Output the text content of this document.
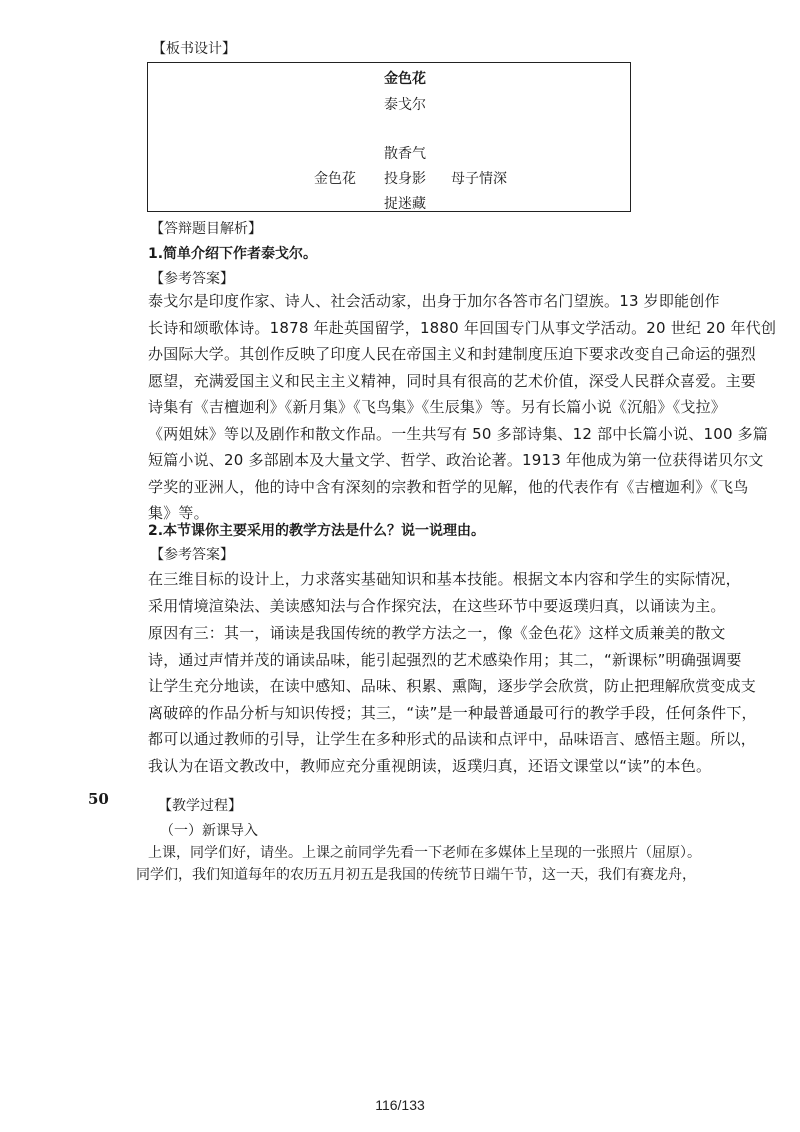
【板书设计】
金色花
泰戈尔
散香气
金色花 投身影 母子情深
捉迷藏
【答辩题目解析】
1.简单介绍下作者泰戈尔。
【参考答案】
泰戈尔是印度作家、诗人、社会活动家，出身于加尔各答市名门望族。13 岁即能创作
长诗和颂歌体诗。1878 年赴英国留学，1880 年回国专门从事文学活动。20 世纪 20 年代创
办国际大学。其创作反映了印度人民在帝国主义和封建制度压迫下要求改变自己命运的强烈
愿望，充满爱国主义和民主主义精神，同时具有很高的艺术价值，深受人民群众喜爱。主要
诗集有《吉檀迦利》《新月集》《飞鸟集》《生辰集》等。另有长篇小说《沉船》《戈拉》
《两姐妹》等以及剧作和散文作品。一生共写有 50 多部诗集、12 部中长篇小说、100 多篇
短篇小说、20 多部剧本及大量文学、哲学、政治论著。1913 年他成为第一位获得诺贝尔文
学奖的亚洲人，他的诗中含有深刻的宗教和哲学的见解，他的代表作有《吉檀迦利》《飞鸟
集》等。
2.本节课你主要采用的教学方法是什么？说一说理由。
【参考答案】
在三维目标的设计上，力求落实基础知识和基本技能。根据文本内容和学生的实际情况，
采用情境渲染法、美读感知法与合作探究法，在这些环节中要返璞归真，以诵读为主。
原因有三：其一，诵读是我国传统的教学方法之一，像《金色花》这样文质兼美的散文
诗，通过声情并茂的诵读品味，能引起强烈的艺术感染作用；其二，“新课标”明确强调要
让学生充分地读，在读中感知、品味、积累、熏陶，逐步学会欣赏，防止把理解欣赏变成支
离破碎的作品分析与知识传授；其三，“读”是一种最普通最可行的教学手段，任何条件下，
都可以通过教师的引导，让学生在多种形式的品读和点评中，品味语言、感悟主题。所以，
我认为在语文教改中，教师应充分重视朗读，返璞归真，还语文课堂以“读”的本色。
50	【教学过程】
（一）新课导入
上课，同学们好，请坐。上课之前同学先看一下老师在多媒体上呈现的一张照片（屈原）。
同学们，我们知道每年的农历五月初五是我国的传统节日端午节，这一天，我们有赛龙舟，
116/133
